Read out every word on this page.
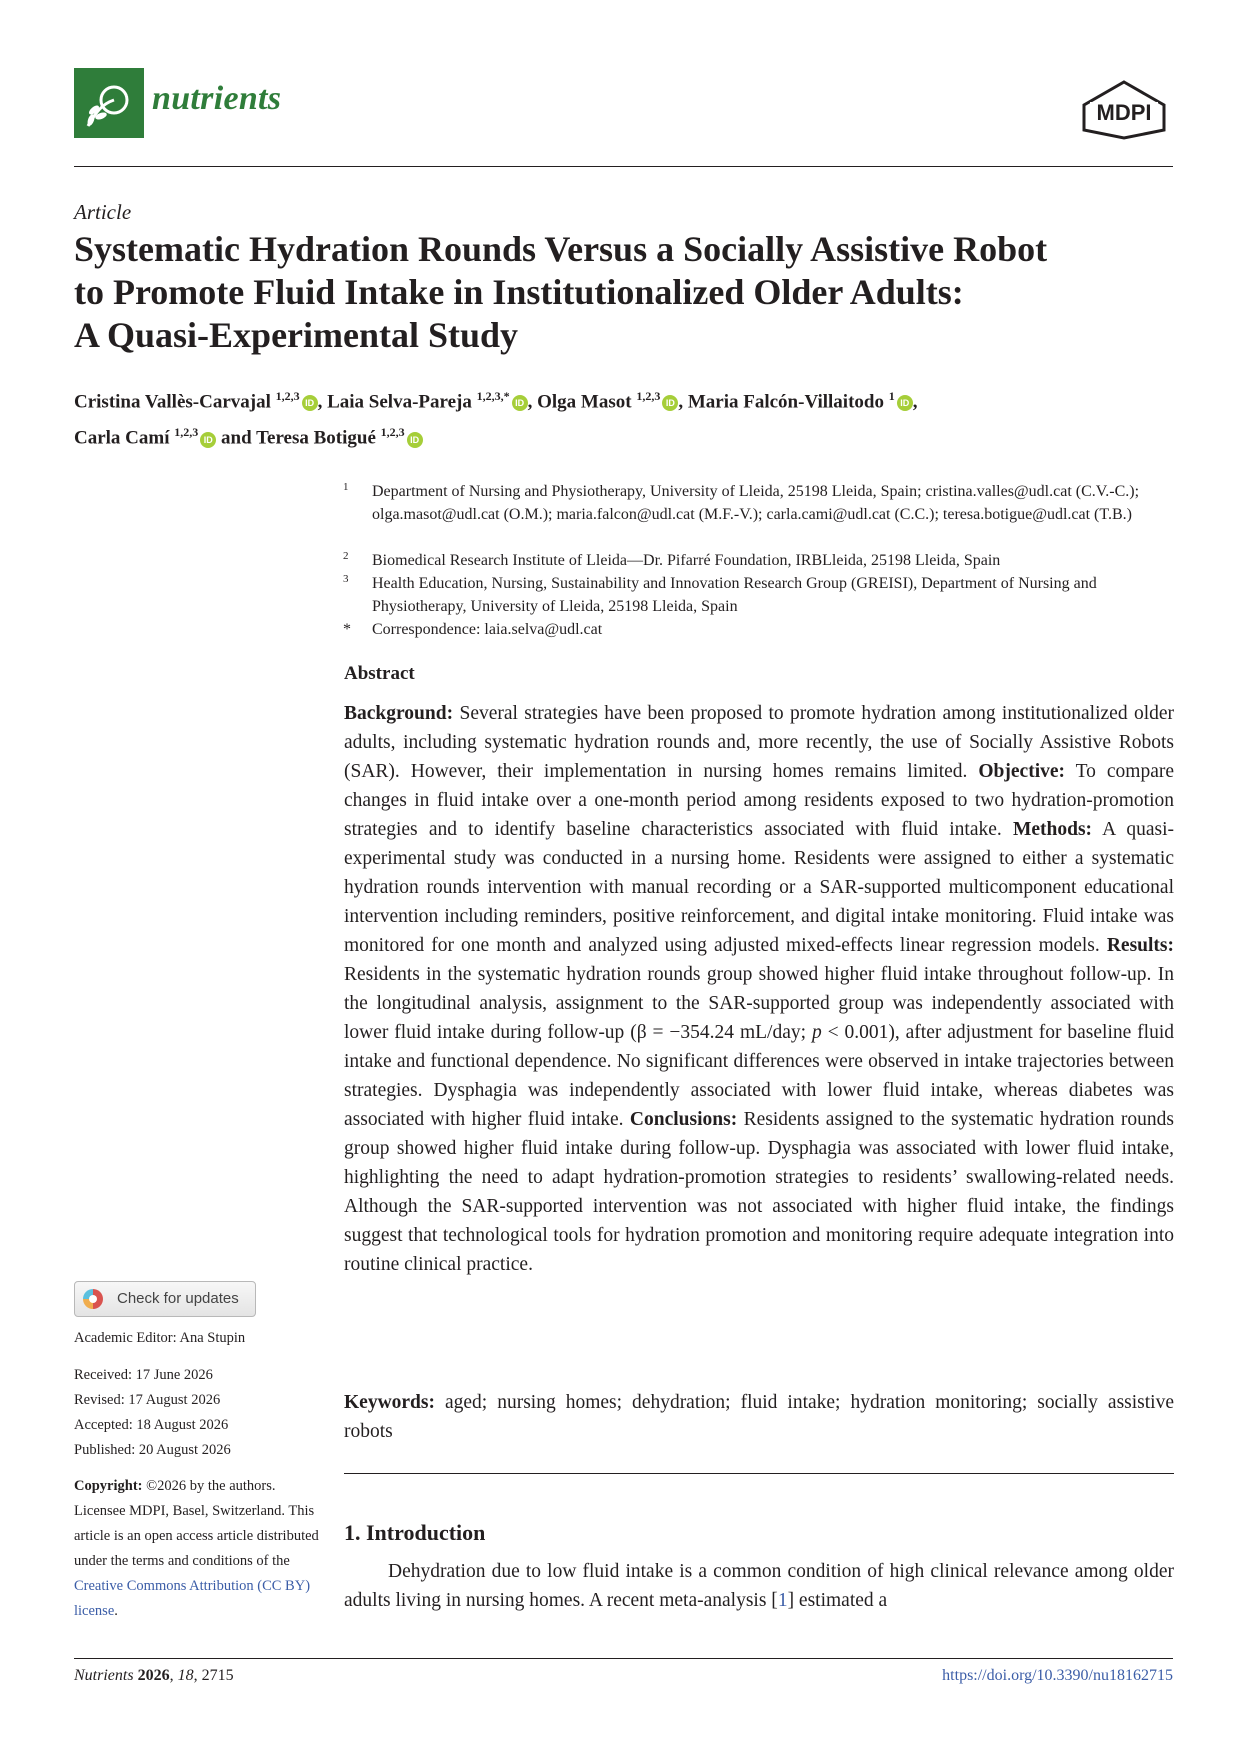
nutrients	MDPI
Article
Systematic Hydration Rounds Versus a Socially Assistive Robot
to Promote Fluid Intake in Institutionalized Older Adults:
A Quasi-Experimental Study
Cristina Vallès-Carvajal $^{1,2,3}$ID , Laia Selva-Pareja $^{1,2,3,*}$ID , Olga Masot $^{1,2,3}$ID , Maria Falcón-Villaitodo $^1$ID ,
Carla Camí $^{1,2,3}$ID and Teresa Botigué $^{1,2,3}$ID
1 Department of Nursing and Physiotherapy, University of Lleida, 25198 Lleida, Spain; cristina.valles@udl.cat (C.V.-C.); olga.masot@udl.cat (O.M.); maria.falcon@udl.cat (M.F.-V.); carla.cami@udl.cat (C.C.); teresa.botigue@udl.cat (T.B.)
2 Biomedical Research Institute of Lleida—Dr. Pifarré Foundation, IRBLleida, 25198 Lleida, Spain
3 Health Education, Nursing, Sustainability and Innovation Research Group (GREISI), Department of Nursing and Physiotherapy, University of Lleida, 25198 Lleida, Spain
* Correspondence: laia.selva@udl.cat
Check for updates
Academic Editor: Ana Stupin
Received: 17 June 2026
Revised: 17 August 2026
Accepted: 18 August 2026
Published: 20 August 2026
Copyright: ©2026 by the authors. Licensee MDPI, Basel, Switzerland. This article is an open access article distributed under the terms and conditions of the Creative Commons Attribution (CC BY) license.
Abstract
Background: Several strategies have been proposed to promote hydration among institutionalized older adults, including systematic hydration rounds and, more recently, the use of Socially Assistive Robots (SAR). However, their implementation in nursing homes remains limited. Objective: To compare changes in fluid intake over a one-month period among residents exposed to two hydration-promotion strategies and to identify baseline characteristics associated with fluid intake. Methods: A quasi-experimental study was conducted in a nursing home. Residents were assigned to either a systematic hydration rounds intervention with manual recording or a SAR-supported multicomponent educational intervention including reminders, positive reinforcement, and digital intake monitoring. Fluid intake was monitored for one month and analyzed using adjusted mixed-effects linear regression models. Results: Residents in the systematic hydration rounds group showed higher fluid intake throughout follow-up. In the longitudinal analysis, assignment to the SAR-supported group was independently associated with lower fluid intake during follow-up (β = −354.24 mL/day; p < 0.001), after adjustment for baseline fluid intake and functional dependence. No significant differences were observed in intake trajectories between strategies. Dysphagia was independently associated with lower fluid intake, whereas diabetes was associated with higher fluid intake. Conclusions: Residents assigned to the systematic hydration rounds group showed higher fluid intake during follow-up. Dysphagia was associated with lower fluid intake, highlighting the need to adapt hydration-promotion strategies to residents’ swallowing-related needs. Although the SAR-supported intervention was not associated with higher fluid intake, the findings suggest that technological tools for hydration promotion and monitoring require adequate integration into routine clinical practice.
Keywords: aged; nursing homes; dehydration; fluid intake; hydration monitoring; socially assistive robots
1. Introduction
Dehydration due to low fluid intake is a common condition of high clinical relevance among older adults living in nursing homes. A recent meta-analysis [1] estimated a
Nutrients 2026, 18, 2715	https://doi.org/10.3390/nu18162715
